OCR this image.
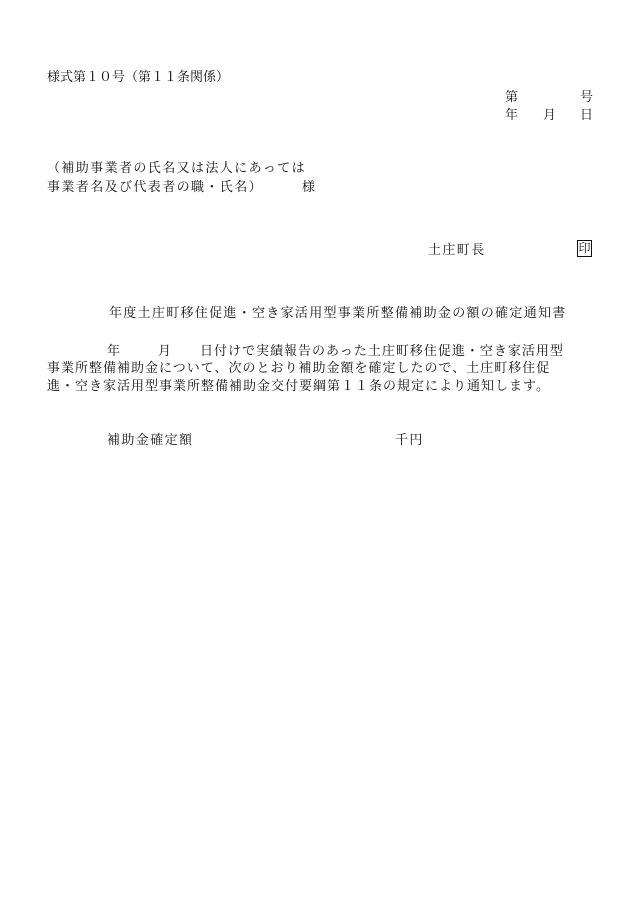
様式第１０号（第１１条関係）
第	号
年 月 日
（補助事業者の氏名又は法人にあっては
事業者名及び代表者の職・氏名）	様
土庄町長	印
年度土庄町移住促進・空き家活用型事業所整備補助金の額の確定通知書
年	月 日付けで実績報告のあった土庄町移住促進・空き家活用型
事業所整備補助金について、次のとおり補助金額を確定したので、土庄町移住促
進・空き家活用型事業所整備補助金交付要綱第１１条の規定により通知します。
補助金確定額	千円
